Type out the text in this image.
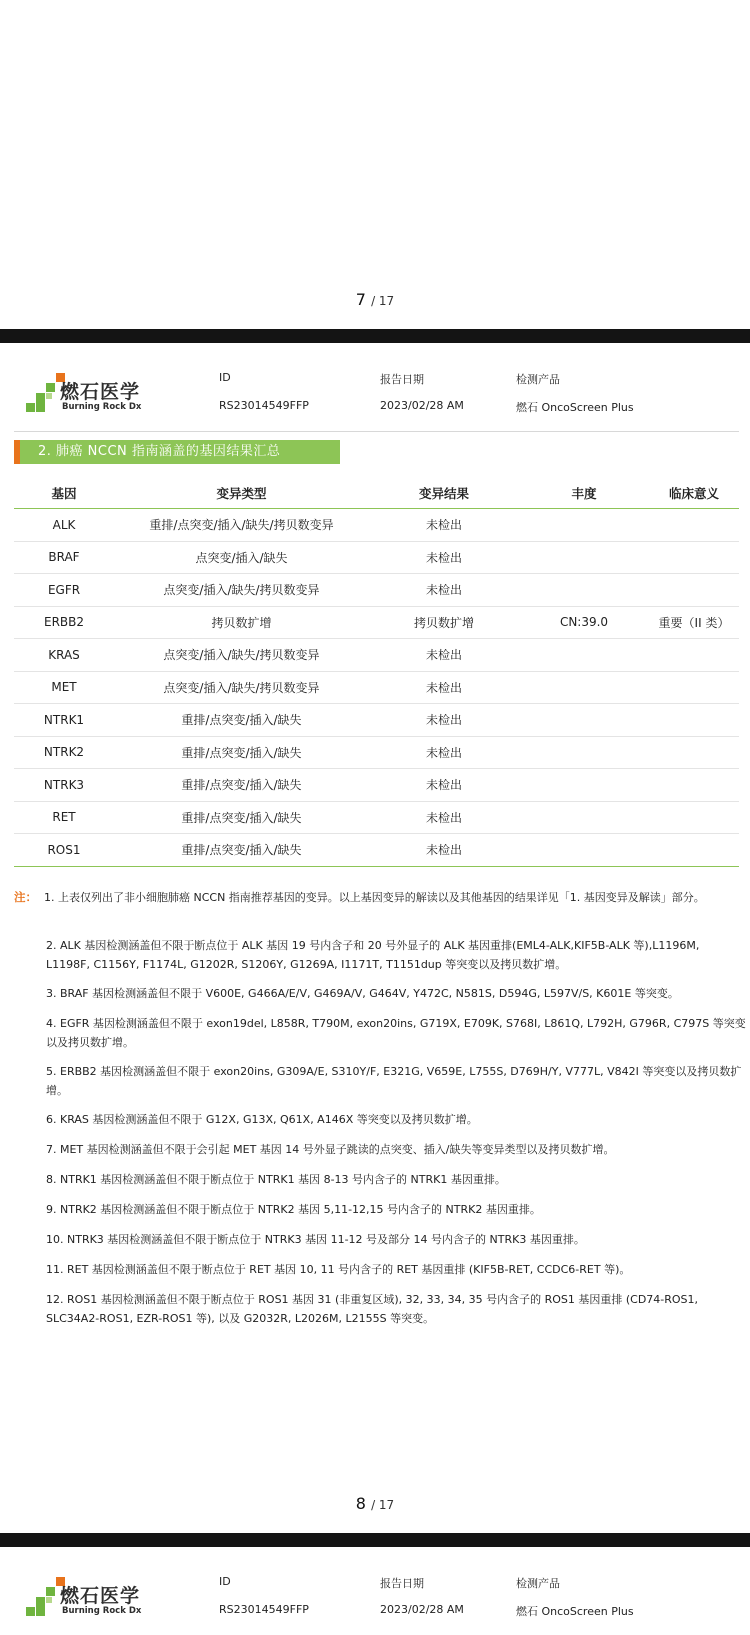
7 / 17
燃石医学
Burning Rock Dx
ID
RS23014549FFP
报告日期
2023/02/28 AM
检测产品
燃石 OncoScreen Plus
2. 肺癌 NCCN 指南涵盖的基因结果汇总
基因	变异类型	变异结果	丰度	临床意义
ALK	重排/点突变/插入/缺失/拷贝数变异	未检出		
BRAF	点突变/插入/缺失	未检出		
EGFR	点突变/插入/缺失/拷贝数变异	未检出		
ERBB2	拷贝数扩增	拷贝数扩增	CN:39.0	重要（II 类）
KRAS	点突变/插入/缺失/拷贝数变异	未检出		
MET	点突变/插入/缺失/拷贝数变异	未检出		
NTRK1	重排/点突变/插入/缺失	未检出		
NTRK2	重排/点突变/插入/缺失	未检出		
NTRK3	重排/点突变/插入/缺失	未检出		
RET	重排/点突变/插入/缺失	未检出		
ROS1	重排/点突变/插入/缺失	未检出		
注： 1. 上表仅列出了非小细胞肺癌 NCCN 指南推荐基因的变异。以上基因变异的解读以及其他基因的结果详见「1. 基因变异及解读」部分。

2. ALK 基因检测涵盖但不限于断点位于 ALK 基因 19 号内含子和 20 号外显子的 ALK 基因重排(EML4-ALK,KIF5B-ALK 等),L1196M, L1198F, C1156Y, F1174L, G1202R, S1206Y, G1269A, I1171T, T1151dup 等突变以及拷贝数扩增。

3. BRAF 基因检测涵盖但不限于 V600E, G466A/E/V, G469A/V, G464V, Y472C, N581S, D594G, L597V/S, K601E 等突变。

4. EGFR 基因检测涵盖但不限于 exon19del, L858R, T790M, exon20ins, G719X, E709K, S768I, L861Q, L792H, G796R, C797S 等突变以及拷贝数扩增。

5. ERBB2 基因检测涵盖但不限于 exon20ins, G309A/E, S310Y/F, E321G, V659E, L755S, D769H/Y, V777L, V842I 等突变以及拷贝数扩增。

6. KRAS 基因检测涵盖但不限于 G12X, G13X, Q61X, A146X 等突变以及拷贝数扩增。

7. MET 基因检测涵盖但不限于会引起 MET 基因 14 号外显子跳读的点突变、插入/缺失等变异类型以及拷贝数扩增。

8. NTRK1 基因检测涵盖但不限于断点位于 NTRK1 基因 8-13 号内含子的 NTRK1 基因重排。

9. NTRK2 基因检测涵盖但不限于断点位于 NTRK2 基因 5,11-12,15 号内含子的 NTRK2 基因重排。

10. NTRK3 基因检测涵盖但不限于断点位于 NTRK3 基因 11-12 号及部分 14 号内含子的 NTRK3 基因重排。

11. RET 基因检测涵盖但不限于断点位于 RET 基因 10, 11 号内含子的 RET 基因重排 (KIF5B-RET, CCDC6-RET 等)。

12. ROS1 基因检测涵盖但不限于断点位于 ROS1 基因 31 (非重复区域), 32, 33, 34, 35 号内含子的 ROS1 基因重排 (CD74-ROS1, SLC34A2-ROS1, EZR-ROS1 等), 以及 G2032R, L2026M, L2155S 等突变。

8 / 17
燃石医学
Burning Rock Dx
ID
RS23014549FFP
报告日期
2023/02/28 AM
检测产品
燃石 OncoScreen Plus
